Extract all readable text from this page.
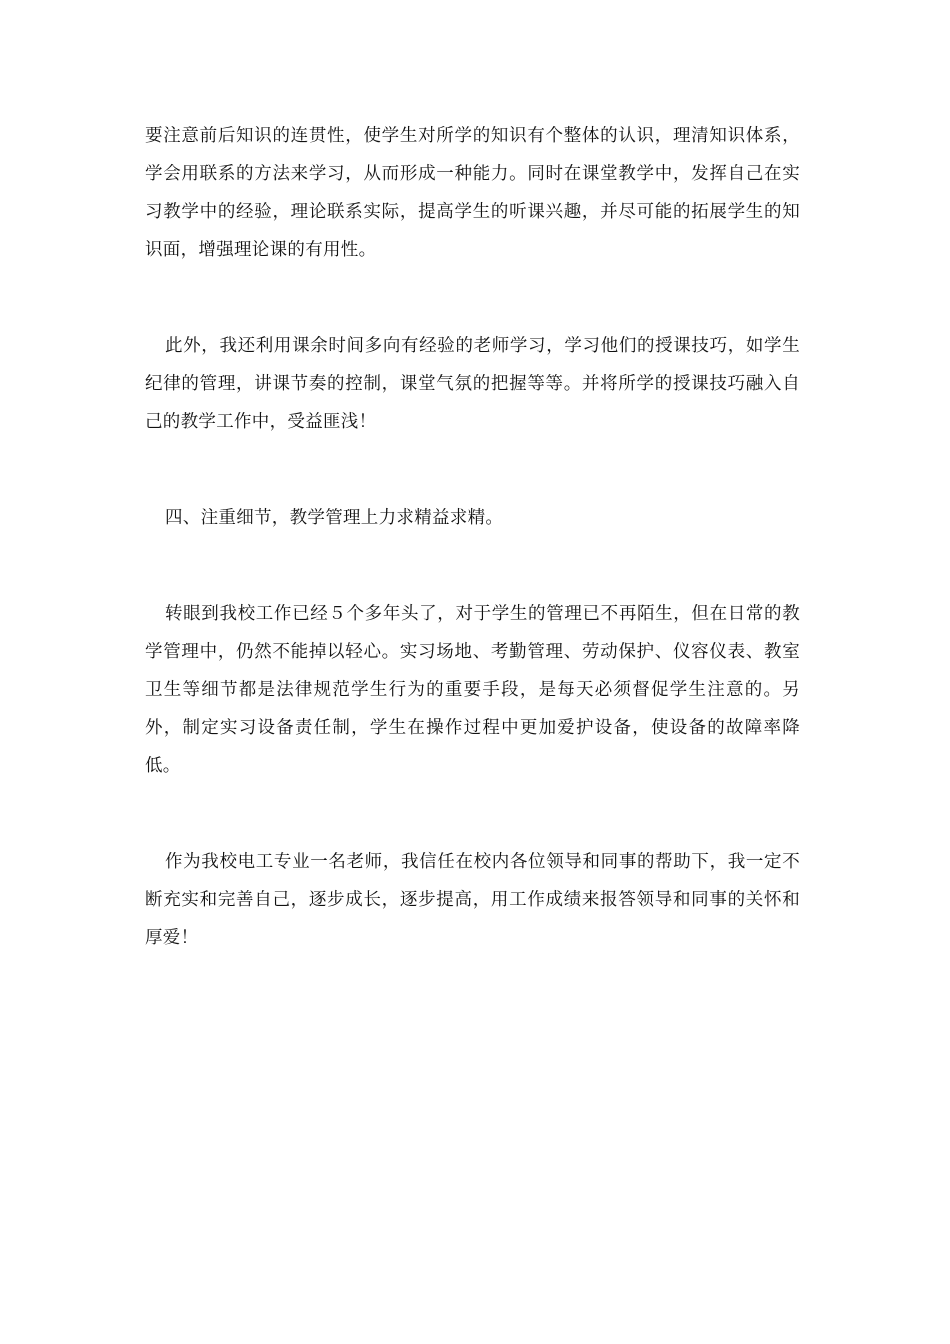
要注意前后知识的连贯性，使学生对所学的知识有个整体的认识，理清知识体系，学会用联系的方法来学习，从而形成一种能力。同时在课堂教学中，发挥自己在实习教学中的经验，理论联系实际，提高学生的听课兴趣，并尽可能的拓展学生的知识面，增强理论课的有用性。

此外，我还利用课余时间多向有经验的老师学习，学习他们的授课技巧，如学生纪律的管理，讲课节奏的控制，课堂气氛的把握等等。并将所学的授课技巧融入自己的教学工作中，受益匪浅！

四、注重细节，教学管理上力求精益求精。

转眼到我校工作已经５个多年头了，对于学生的管理已不再陌生，但在日常的教学管理中，仍然不能掉以轻心。实习场地、考勤管理、劳动保护、仪容仪表、教室卫生等细节都是法律规范学生行为的重要手段，是每天必须督促学生注意的。另外，制定实习设备责任制，学生在操作过程中更加爱护设备，使设备的故障率降低。

作为我校电工专业一名老师，我信任在校内各位领导和同事的帮助下，我一定不断充实和完善自己，逐步成长，逐步提高，用工作成绩来报答领导和同事的关怀和厚爱！
